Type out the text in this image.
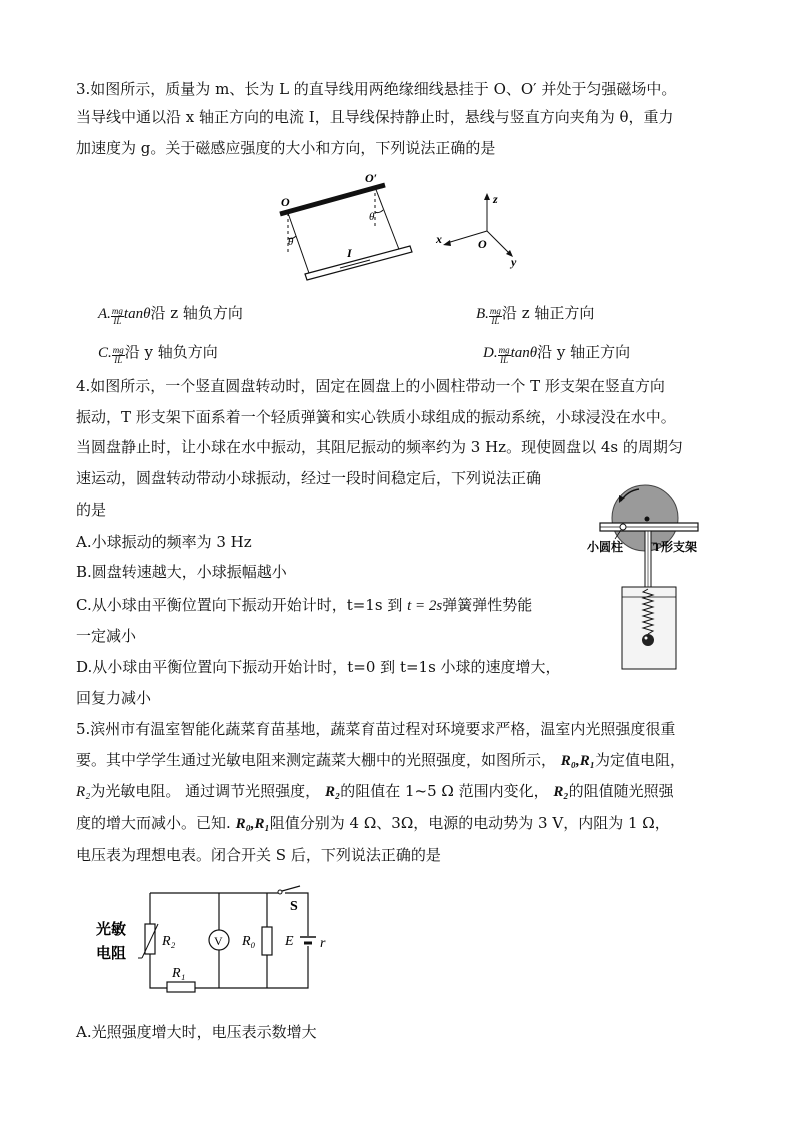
3.如图所示，质量为 m、长为 L 的直导线用两绝缘细线悬挂于 O、O′ 并处于匀强磁场中。
当导线中通以沿 x 轴正方向的电流 I，且导线保持静止时，悬线与竖直方向夹角为 θ，重力
加速度为 g。关于磁感应强度的大小和方向，下列说法正确的是
O
O′
θ
θ
I
z
x
y
O
A. $\frac{mg}{IL}$ tanθ沿 z 轴负方向	B. $\frac{mg}{IL}$ 沿 z 轴正方向
C. $\frac{mg}{IL}$ 沿 y 轴负方向	D. $\frac{mg}{IL}$ tanθ沿 y 轴正方向
4.如图所示，一个竖直圆盘转动时，固定在圆盘上的小圆柱带动一个 T 形支架在竖直方向
振动，T 形支架下面系着一个轻质弹簧和实心铁质小球组成的振动系统，小球浸没在水中。
当圆盘静止时，让小球在水中振动，其阻尼振动的频率约为 3 Hz。现使圆盘以 4s 的周期匀
速运动，圆盘转动带动小球振动，经过一段时间稳定后，下列说法正确
的是
A.小球振动的频率为 3 Hz
B.圆盘转速越大，小球振幅越小
C.从小球由平衡位置向下振动开始计时，t=1s 到 t = 2s弹簧弹性势能
一定减小
D.从小球由平衡位置向下振动开始计时，t=0 到 t=1s 小球的速度增大，
回复力减小
小圆柱 T形支架
5.滨州市有温室智能化蔬菜育苗基地，蔬菜育苗过程对环境要求严格，温室内光照强度很重
要。其中学学生通过光敏电阻来测定蔬菜大棚中的光照强度，如图所示， R₀,R₁为定值电阻，
R₂为光敏电阻。 通过调节光照强度， R₂的阻值在 1~5 Ω 范围内变化， R₂的阻值随光照强
度的增大而减小。已知. R₀,R₁阻值分别为 4 Ω、3Ω，电源的电动势为 3 V，内阻为 1 Ω，
电压表为理想电表。闭合开关 S 后，下列说法正确的是
V
光敏
电阻
R₂
R₁
R₀ E r
S
A.光照强度增大时，电压表示数增大
